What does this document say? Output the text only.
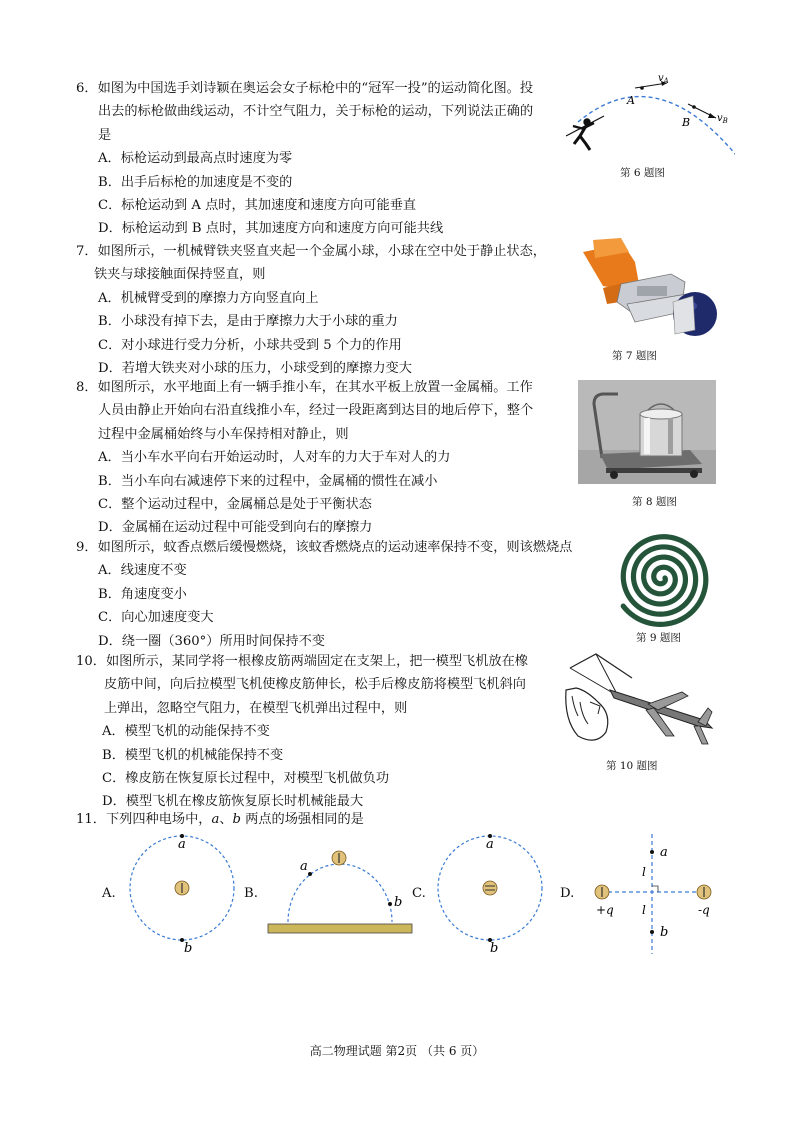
6．如图为中国选手刘诗颖在奥运会女子标枪中的“冠军一投”的运动简化图。投

出去的标枪做曲线运动，不计空气阻力，关于标枪的运动，下列说法正确的

是

A．标枪运动到最高点时速度为零

B．出手后标枪的加速度是不变的

C．标枪运动到 A 点时，其加速度和速度方向可能垂直

D．标枪运动到 B 点时，其加速度方向和速度方向可能共线

A
B
$v_A$
$v_B$
第 6 题图

7．如图所示，一机械臂铁夹竖直夹起一个金属小球，小球在空中处于静止状态，

铁夹与球接触面保持竖直，则

A．机械臂受到的摩擦力方向竖直向上

B．小球没有掉下去，是由于摩擦力大于小球的重力

C．对小球进行受力分析，小球共受到 5 个力的作用

D．若增大铁夹对小球的压力，小球受到的摩擦力变大

第 7 题图

8．如图所示，水平地面上有一辆手推小车，在其水平板上放置一金属桶。工作

人员由静止开始向右沿直线推小车，经过一段距离到达目的地后停下，整个

过程中金属桶始终与小车保持相对静止，则

A．当小车水平向右开始运动时，人对车的力大于车对人的力

B．当小车向右减速停下来的过程中，金属桶的惯性在减小

C．整个运动过程中，金属桶总是处于平衡状态

D．金属桶在运动过程中可能受到向右的摩擦力

第 8 题图

9．如图所示，蚊香点燃后缓慢燃烧，该蚊香燃烧点的运动速率保持不变，则该燃烧点

A．线速度不变

B．角速度变小

C．向心加速度变大

D．绕一圈（360°）所用时间保持不变	第 9 题图

10．如图所示，某同学将一根橡皮筋两端固定在支架上，把一模型飞机放在橡

皮筋中间，向后拉模型飞机使橡皮筋伸长，松手后橡皮筋将模型飞机斜向

上弹出，忽略空气阻力，在模型飞机弹出过程中，则

A．模型飞机的动能保持不变

B．模型飞机的机械能保持不变

C．橡皮筋在恢复原长过程中，对模型飞机做负功

D．模型飞机在橡皮筋恢复原长时机械能最大

第 10 题图

11．下列四种电场中，a、b 两点的场强相同的是

A.
a
b
B.
a
b
C.
a
b
D.
a
b
l
l
+q	-q
高二物理试题 第2页 （共 6 页）
